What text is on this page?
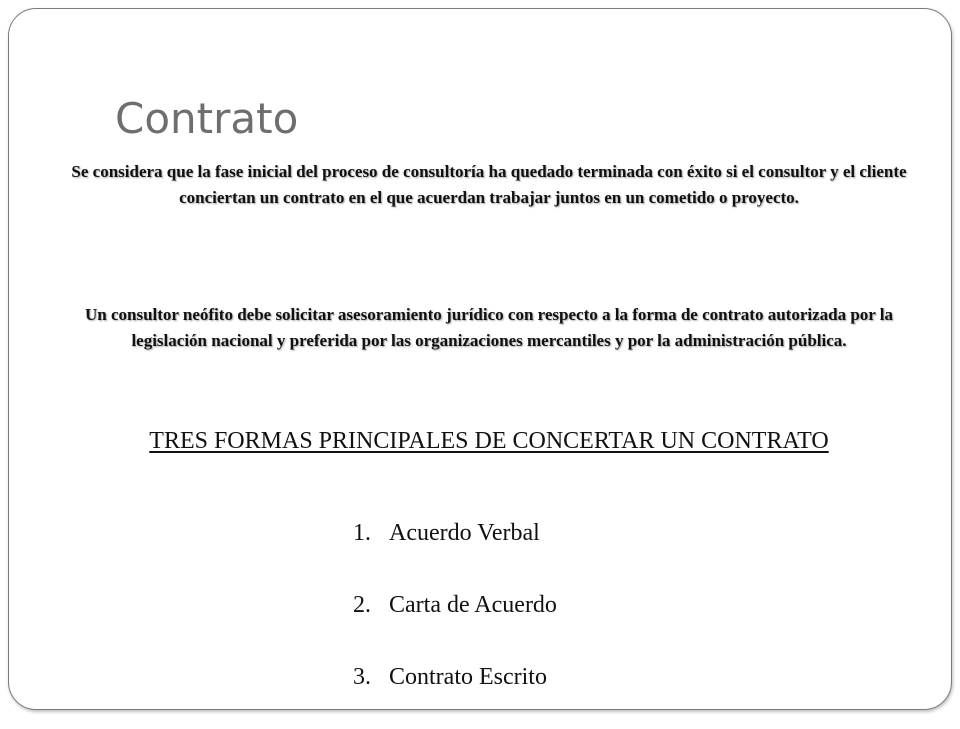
Contrato

Se considera que la fase inicial del proceso de consultoría ha quedado terminada con éxito si el consultor y el cliente conciertan un contrato en el que acuerdan trabajar juntos en un cometido o proyecto.

Un consultor neófito debe solicitar asesoramiento jurídico con respecto a la forma de contrato autorizada por la legislación nacional y preferida por las organizaciones mercantiles y por la administración pública.

TRES FORMAS PRINCIPALES DE CONCERTAR UN CONTRATO
1. Acuerdo Verbal
2. Carta de Acuerdo
3. Contrato Escrito
